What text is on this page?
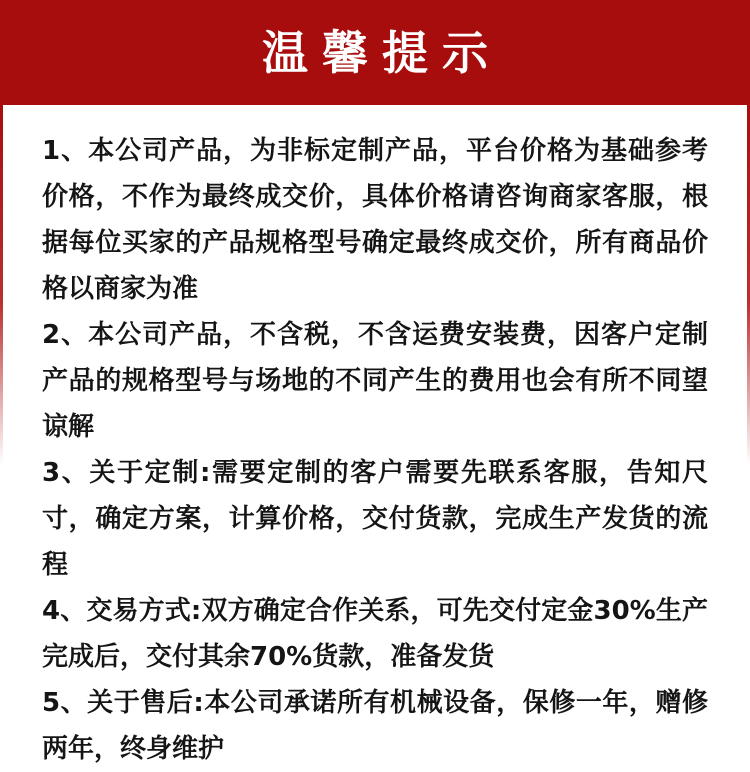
温馨提示

1、本公司产品，为非标定制产品，平台价格为基础参考价格，不作为最终成交价，具体价格请咨询商家客服，根据每位买家的产品规格型号确定最终成交价，所有商品价格以商家为准

2、本公司产品，不含税，不含运费安装费，因客户定制产品的规格型号与场地的不同产生的费用也会有所不同望谅解

3、关于定制:需要定制的客户需要先联系客服，告知尺寸，确定方案，计算价格，交付货款，完成生产发货的流程

4、交易方式:双方确定合作关系，可先交付定金30%生产完成后，交付其余70%货款，准备发货

5、关于售后:本公司承诺所有机械设备，保修一年，赠修两年，终身维护
